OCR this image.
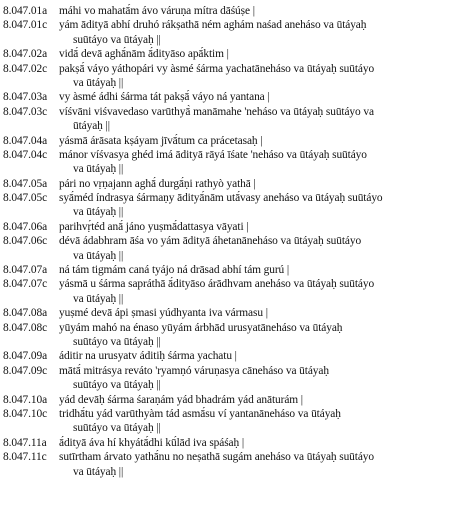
8.047.01a	máhi vo mahatā́m ávo váruṇa mítra dāśúṣe |
8.047.01c	yám ādityā abhí druhó rákṣathā ném aghám naśad aneháso va ūtáyaḥ
suūtáyo va ūtáyaḥ ||
8.047.02a	vidā́ devā aghā́nām ā́dityāso apā́ktim |
8.047.02c	pakṣā́ váyo yáthopári vy àsmé śárma yachatāneháso va ūtáyaḥ suūtáyo
va ūtáyaḥ ||
8.047.03a	vy àsmé ádhi śárma tát pakṣā́ váyo ná yantana |
8.047.03c	víśvāni viśvavedaso varūthyā̀ manāmahe 'neháso va ūtáyaḥ suūtáyo va
ūtáyaḥ ||
8.047.04a	yásmā árāsata kṣáyam jīvā́tum ca prácetasaḥ |
8.047.04c	mánor víśvasya ghéd imá ādityā rāyá īśate 'neháso va ūtáyaḥ suūtáyo
va ūtáyaḥ ||
8.047.05a	pári no vṛṇajann aghā́ durgā́ṇi rathyò yathā |
8.047.05c	syā́méd índrasya śármaṇy ādityā́nām utā́vasy aneháso va ūtáyaḥ suūtáyo
va ūtáyaḥ ||
8.047.06a	parihvṛ́téd anā́ jáno yuṣmā́dattasya vāyati |
8.047.06c	dévā ádabhram āśa vo yám ādityā áhetanāneháso va ūtáyaḥ suūtáyo
va ūtáyaḥ ||
8.047.07a	ná tám tigmám caná tyájo ná drāsad abhí tám gurú |
8.047.07c	yásmā u śárma sapráthā ā́dityāso árādhvam aneháso va ūtáyaḥ suūtáyo
va ūtáyaḥ ||
8.047.08a	yuṣmé devā ápi ṣmasi yúdhyanta iva vármasu |
8.047.08c	yūyám mahó na énaso yūyám árbhād urusyatāneháso va ūtáyaḥ
suūtáyo va ūtáyaḥ ||
8.047.09a	áditir na urusyatv áditiḥ śárma yachatu |
8.047.09c	mātā́ mitrásya reváto 'ryamṇó váruṇasya cāneháso va ūtáyaḥ
suūtáyo va ūtáyaḥ ||
8.047.10a	yád devāḥ śárma śaraṇám yád bhadrám yád anāturám |
8.047.10c	tridhā́tu yád varūthyàm tád asmā́su ví yantanāneháso va ūtáyaḥ
suūtáyo va ūtáyaḥ ||
8.047.11a	ā́dityā áva hí khyátā́dhi kū́lād iva spáśaḥ |
8.047.11c	sutīrtham árvato yathā́nu no neṣathā sugám aneháso va ūtáyaḥ suūtáyo
va ūtáyaḥ ||
